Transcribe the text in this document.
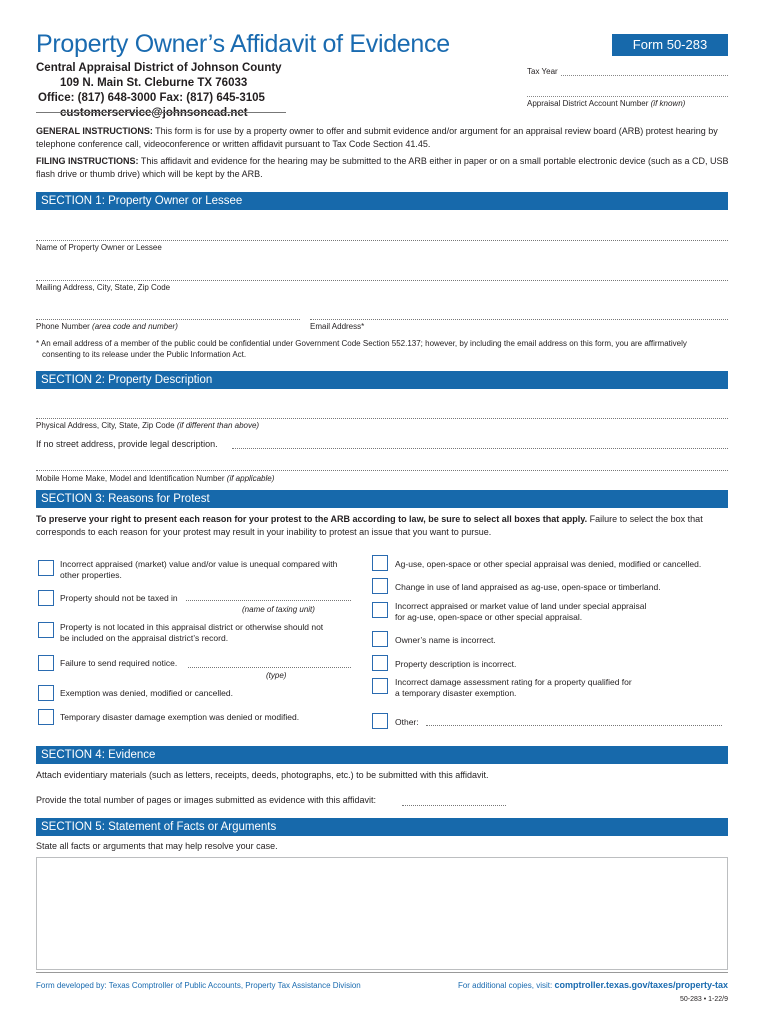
Property Owner’s Affidavit of Evidence	Form 50-283
Central Appraisal District of Johnson County
109 N. Main St. Cleburne TX 76033
Office: (817) 648-3000 Fax: (817) 645-3105
customerservice@johnsoncad.net
Tax Year
Appraisal District Account Number (if known)
GENERAL INSTRUCTIONS: This form is for use by a property owner to offer and submit evidence and/or argument for an appraisal review board (ARB) protest hearing by telephone conference call, videoconference or written affidavit pursuant to Tax Code Section 41.45.
FILING INSTRUCTIONS: This affidavit and evidence for the hearing may be submitted to the ARB either in paper or on a small portable electronic device (such as a CD, USB flash drive or thumb drive) which will be kept by the ARB.
SECTION 1: Property Owner or Lessee
Name of Property Owner or Lessee
Mailing Address, City, State, Zip Code
Phone Number (area code and number)	Email Address*
* An email address of a member of the public could be confidential under Government Code Section 552.137; however, by including the email address on this form, you are affirmatively
consenting to its release under the Public Information Act.
SECTION 2: Property Description
Physical Address, City, State, Zip Code (if different than above)
If no street address, provide legal description.
Mobile Home Make, Model and Identification Number (if applicable)
SECTION 3: Reasons for Protest
To preserve your right to present each reason for your protest to the ARB according to law, be sure to select all boxes that apply. Failure to select the box that corresponds to each reason for your protest may result in your inability to protest an issue that you want to pursue.
Incorrect appraised (market) value and/or value is unequal compared with
other properties.
Property should not be taxed in
(name of taxing unit)
Property is not located in this appraisal district or otherwise should not
be included on the appraisal district’s record.
Failure to send required notice.
(type)
Exemption was denied, modified or cancelled.
Temporary disaster damage exemption was denied or modified.
Ag-use, open-space or other special appraisal was denied, modified or cancelled.
Change in use of land appraised as ag-use, open-space or timberland.
Incorrect appraised or market value of land under special appraisal
for ag-use, open-space or other special appraisal.
Owner’s name is incorrect.
Property description is incorrect.
Incorrect damage assessment rating for a property qualified for
a temporary disaster exemption.
Other:
SECTION 4: Evidence
Attach evidentiary materials (such as letters, receipts, deeds, photographs, etc.) to be submitted with this affidavit.
Provide the total number of pages or images submitted as evidence with this affidavit:
SECTION 5: Statement of Facts or Arguments
State all facts or arguments that may help resolve your case.
Form developed by: Texas Comptroller of Public Accounts, Property Tax Assistance Division	For additional copies, visit: comptroller.texas.gov/taxes/property-tax
50-283 • 1-22/9
